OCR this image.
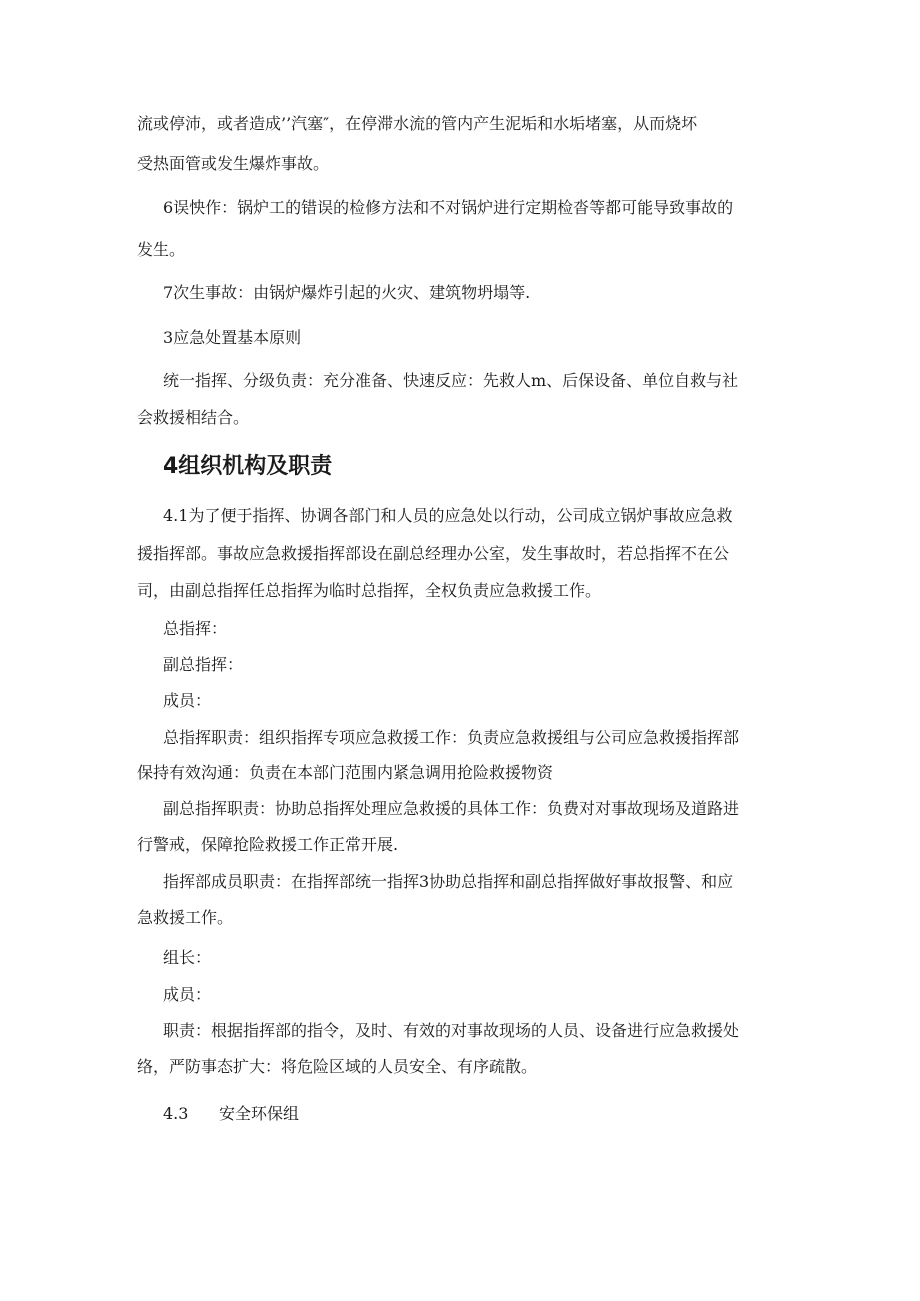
流或停沛，或者造成’’汽塞″，在停滞水流的管内产生泥垢和水垢堵塞，从而烧坏
受热面管或发生爆炸事故。
6误怏作：锅炉工的错误的检修方法和不对锅炉进行定期检沓等都可能导致事故的
发生。
7次生事故：由锅炉爆炸引起的火灾、建筑物坍塌等.
3应急处置基本原则
统一指挥、分级负责：充分准备、快速反应：先救人m、后保设备、单位自救与社
会救援相结合。
4组织机构及职责
4.1为了便于指挥、协调各部门和人员的应急处以行动，公司成立锅炉事故应急救
援指挥部。事故应急救援指挥部设在副总经理办公室，发生事故时，若总指挥不在公
司，由副总指挥任总指挥为临时总指挥，全权负责应急救援工作。
总指挥：
副总指挥：
成员：
总指挥职责：组织指挥专项应急救援工作：负责应急救援组与公司应急救援指挥部
保持有效沟通：负责在本部门范围内紧急调用抢险救援物资
副总指挥职责：协助总指挥处理应急救援的具体工作：负费对对事故现场及道路进
行警戒，保障抢险救援工作正常开展.
指挥部成员职责：在指挥部统一指挥3协助总指挥和副总指挥做好事故报警、和应
急救援工作。
组长：
成员：
职责：根据指挥部的指令，及时、有效的对事故现场的人员、设备进行应急救援处
络，严防事态扩大：将危险区域的人员安全、有序疏散。
4.3      安全环保组
